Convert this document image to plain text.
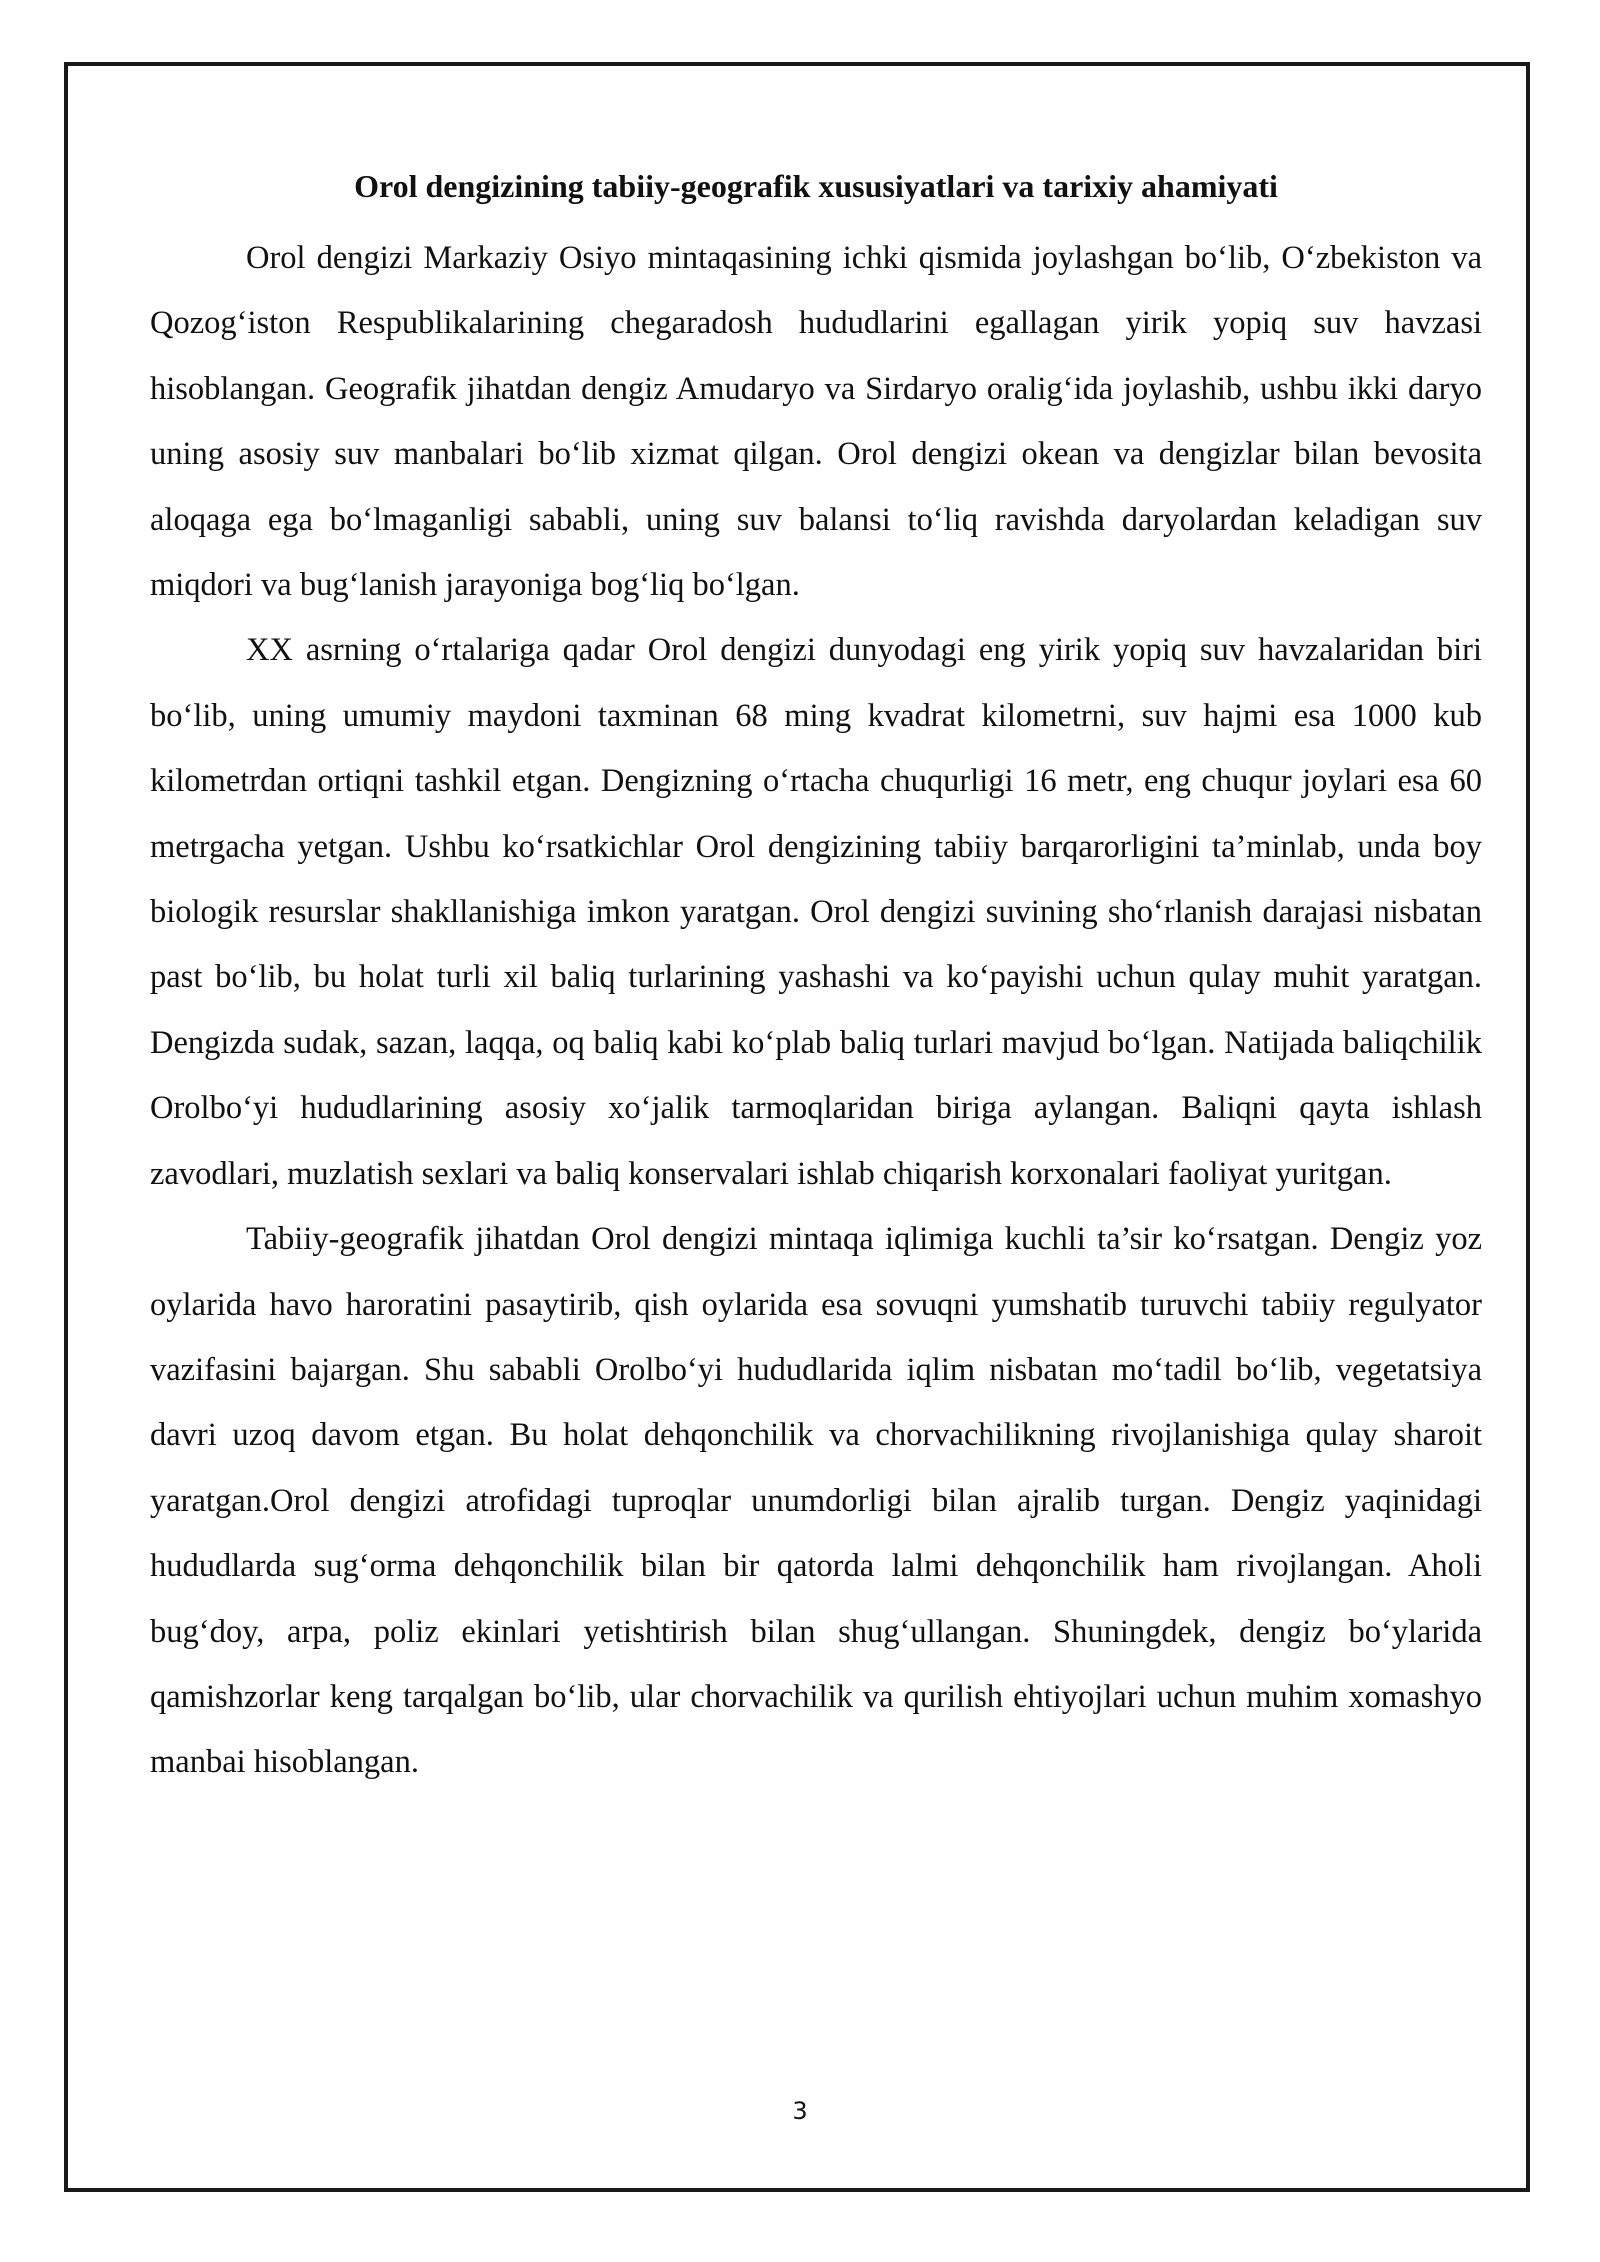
Orol dengizining tabiiy-geografik xususiyatlari va tarixiy ahamiyati

Orol dengizi Markaziy Osiyo mintaqasining ichki qismida joylashgan bo‘lib, O‘zbekiston va Qozog‘iston Respublikalarining chegaradosh hududlarini egallagan yirik yopiq suv havzasi hisoblangan. Geografik jihatdan dengiz Amudaryo va Sirdaryo oralig‘ida joylashib, ushbu ikki daryo uning asosiy suv manbalari bo‘lib xizmat qilgan. Orol dengizi okean va dengizlar bilan bevosita aloqaga ega bo‘lmaganligi sababli, uning suv balansi to‘liq ravishda daryolardan keladigan suv miqdori va bug‘lanish jarayoniga bog‘liq bo‘lgan.

XX asrning o‘rtalariga qadar Orol dengizi dunyodagi eng yirik yopiq suv havzalaridan biri bo‘lib, uning umumiy maydoni taxminan 68 ming kvadrat kilometrni, suv hajmi esa 1000 kub kilometrdan ortiqni tashkil etgan. Dengizning o‘rtacha chuqurligi 16 metr, eng chuqur joylari esa 60 metrgacha yetgan. Ushbu ko‘rsatkichlar Orol dengizining tabiiy barqarorligini ta’minlab, unda boy biologik resurslar shakllanishiga imkon yaratgan. Orol dengizi suvining sho‘rlanish darajasi nisbatan past bo‘lib, bu holat turli xil baliq turlarining yashashi va ko‘payishi uchun qulay muhit yaratgan. Dengizda sudak, sazan, laqqa, oq baliq kabi ko‘plab baliq turlari mavjud bo‘lgan. Natijada baliqchilik Orolbo‘yi hududlarining asosiy xo‘jalik tarmoqlaridan biriga aylangan. Baliqni qayta ishlash zavodlari, muzlatish sexlari va baliq konservalari ishlab chiqarish korxonalari faoliyat yuritgan.

Tabiiy-geografik jihatdan Orol dengizi mintaqa iqlimiga kuchli ta’sir ko‘rsatgan. Dengiz yoz oylarida havo haroratini pasaytirib, qish oylarida esa sovuqni yumshatib turuvchi tabiiy regulyator vazifasini bajargan. Shu sababli Orolbo‘yi hududlarida iqlim nisbatan mo‘tadil bo‘lib, vegetatsiya davri uzoq davom etgan. Bu holat dehqonchilik va chorvachilikning rivojlanishiga qulay sharoit yaratgan.Orol dengizi atrofidagi tuproqlar unumdorligi bilan ajralib turgan. Dengiz yaqinidagi hududlarda sug‘orma dehqonchilik bilan bir qatorda lalmi dehqonchilik ham rivojlangan. Aholi bug‘doy, arpa, poliz ekinlari yetishtirish bilan shug‘ullangan. Shuningdek, dengiz bo‘ylarida qamishzorlar keng tarqalgan bo‘lib, ular chorvachilik va qurilish ehtiyojlari uchun muhim xomashyo manbai hisoblangan.

3
